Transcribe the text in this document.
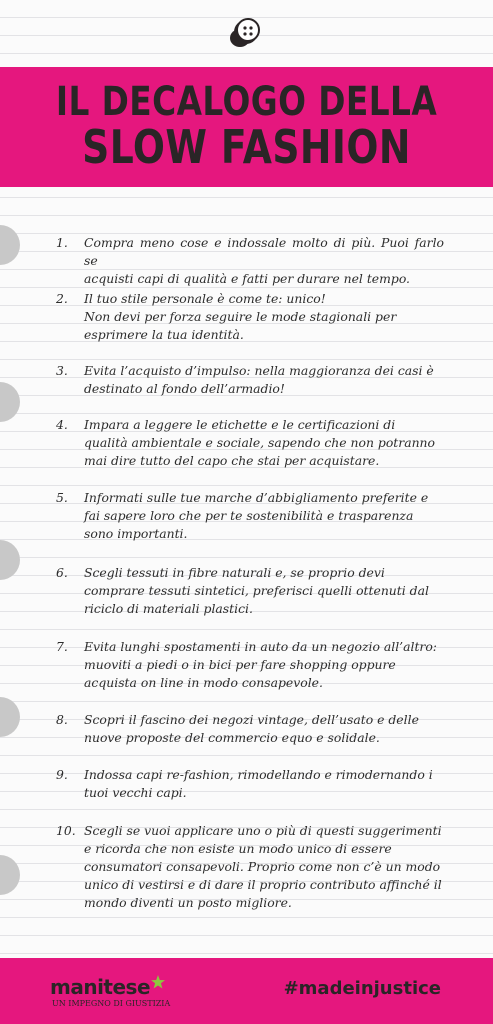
IL DECALOGO DELLA
SLOW FASHION
1.	Compra meno cose e indossale molto di più. Puoi farlo se
acquisti capi di qualità e fatti per durare nel tempo.
2.	Il tuo stile personale è come te: unico!
Non devi per forza seguire le mode stagionali per
esprimere la tua identità.
3.	Evita l’acquisto d’impulso: nella maggioranza dei casi è
destinato al fondo dell’armadio!
4.	Impara a leggere le etichette e le certificazioni di
qualità ambientale e sociale, sapendo che non potranno
mai dire tutto del capo che stai per acquistare.
5.	Informati sulle tue marche d’abbigliamento preferite e
fai sapere loro che per te sostenibilità e trasparenza
sono importanti.
6.	Scegli tessuti in fibre naturali e, se proprio devi
comprare tessuti sintetici, preferisci quelli ottenuti dal
riciclo di materiali plastici.
7.	Evita lunghi spostamenti in auto da un negozio all’altro:
muoviti a piedi o in bici per fare shopping oppure
acquista on line in modo consapevole.
8.	Scopri il fascino dei negozi vintage, dell’usato e delle
nuove proposte del commercio equo e solidale.
9.	Indossa capi re-fashion, rimodellando e rimodernando i
tuoi vecchi capi.
10. Scegli se vuoi applicare uno o più di questi suggerimenti
e ricorda che non esiste un modo unico di essere
consumatori consapevoli. Proprio come non c’è un modo
unico di vestirsi e di dare il proprio contributo affinché il
mondo diventi un posto migliore.
manitese
UN IMPEGNO DI GIUSTIZIA
#madeinjustice
